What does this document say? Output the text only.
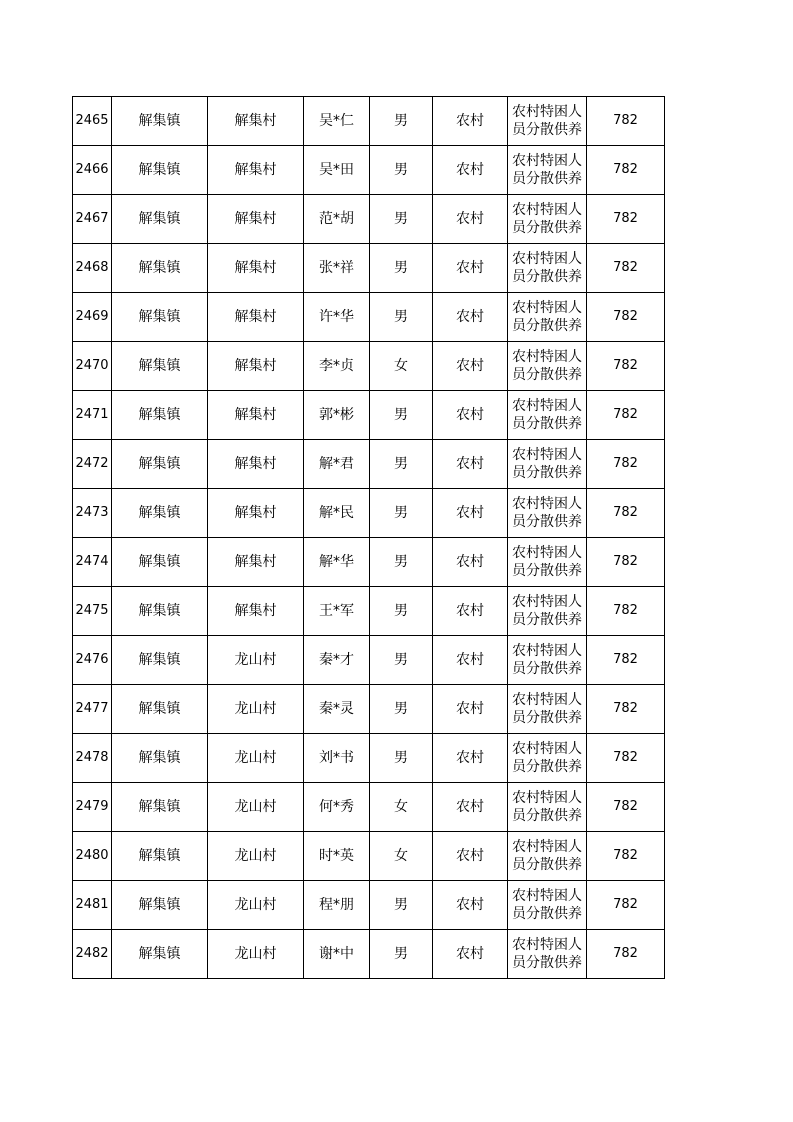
2465	解集镇	解集村	吴*仁	男	农村	农村特困人员分散供养	782
2466	解集镇	解集村	吴*田	男	农村	农村特困人员分散供养	782
2467	解集镇	解集村	范*胡	男	农村	农村特困人员分散供养	782
2468	解集镇	解集村	张*祥	男	农村	农村特困人员分散供养	782
2469	解集镇	解集村	许*华	男	农村	农村特困人员分散供养	782
2470	解集镇	解集村	李*贞	女	农村	农村特困人员分散供养	782
2471	解集镇	解集村	郭*彬	男	农村	农村特困人员分散供养	782
2472	解集镇	解集村	解*君	男	农村	农村特困人员分散供养	782
2473	解集镇	解集村	解*民	男	农村	农村特困人员分散供养	782
2474	解集镇	解集村	解*华	男	农村	农村特困人员分散供养	782
2475	解集镇	解集村	王*军	男	农村	农村特困人员分散供养	782
2476	解集镇	龙山村	秦*才	男	农村	农村特困人员分散供养	782
2477	解集镇	龙山村	秦*灵	男	农村	农村特困人员分散供养	782
2478	解集镇	龙山村	刘*书	男	农村	农村特困人员分散供养	782
2479	解集镇	龙山村	何*秀	女	农村	农村特困人员分散供养	782
2480	解集镇	龙山村	时*英	女	农村	农村特困人员分散供养	782
2481	解集镇	龙山村	程*朋	男	农村	农村特困人员分散供养	782
2482	解集镇	龙山村	谢*中	男	农村	农村特困人员分散供养	782
